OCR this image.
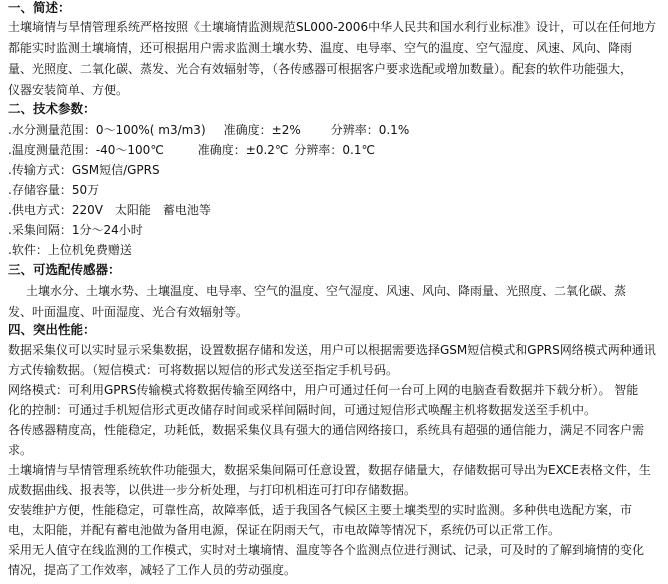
一、简述：
土壤墒情与旱情管理系统严格按照《土壤墒情监测规范SL000-2006中华人民共和国水利行业标准》设计，可以在任何地方
都能实时监测土壤墒情，还可根据用户需求监测土壤水势、温度、电导率、空气的温度、空气湿度、风速、风向、降雨
量、光照度、二氧化碳、蒸发、光合有效辐射等，（各传感器可根据客户要求选配或增加数量）。配套的软件功能强大，
仪器安装简单、方便。
二、技术参数：
.水分测量范围：0～100%( m3/m3) 准确度：±2%	分辨率：0.1%
.温度测量范围：-40～100℃	准确度：±0.2℃ 分辨率：0.1℃
.传输方式：GSM短信/GPRS
.存储容量：50万
.供电方式：220V　太阳能　蓄电池等
.采集间隔：1分～24小时
.软件：上位机免费赠送
三、可选配传感器：
土壤水分、土壤水势、土壤温度、电导率、空气的温度、空气湿度、风速、风向、降雨量、光照度、二氧化碳、蒸
发、叶面温度、叶面湿度、光合有效辐射等。
四、突出性能：
数据采集仪可以实时显示采集数据，设置数据存储和发送，用户可以根据需要选择GSM短信模式和GPRS网络模式两种通讯
方式传输数据。（短信模式：可将数据以短信的形式发送至指定手机号码。
网络模式：可利用GPRS传输模式将数据传输至网络中，用户可通过任何一台可上网的电脑查看数据并下载分析）。 智能
化的控制：可通过手机短信形式更改储存时间或采样间隔时间，可通过短信形式唤醒主机将数据发送至手机中。
各传感器精度高，性能稳定，功耗低，数据采集仪具有强大的通信网络接口，系统具有超强的通信能力，满足不同客户需
求。
土壤墒情与旱情管理系统软件功能强大，数据采集间隔可任意设置，数据存储量大，存储数据可导出为EXCE表格文件，生
成数据曲线、报表等，以供进一步分析处理，与打印机相连可打印存储数据。
安装维护方便，性能稳定，可靠性高，故障率低，适于我国各气候区主要土壤类型的实时监测。多种供电选配方案，市
电，太阳能，并配有蓄电池做为备用电源，保证在阴雨天气，市电故障等情况下，系统仍可以正常工作。
采用无人值守在线监测的工作模式，实时对土壤墒情、温度等各个监测点位进行测试、记录，可及时的了解到墒情的变化
情况，提高了工作效率，减轻了工作人员的劳动强度。
